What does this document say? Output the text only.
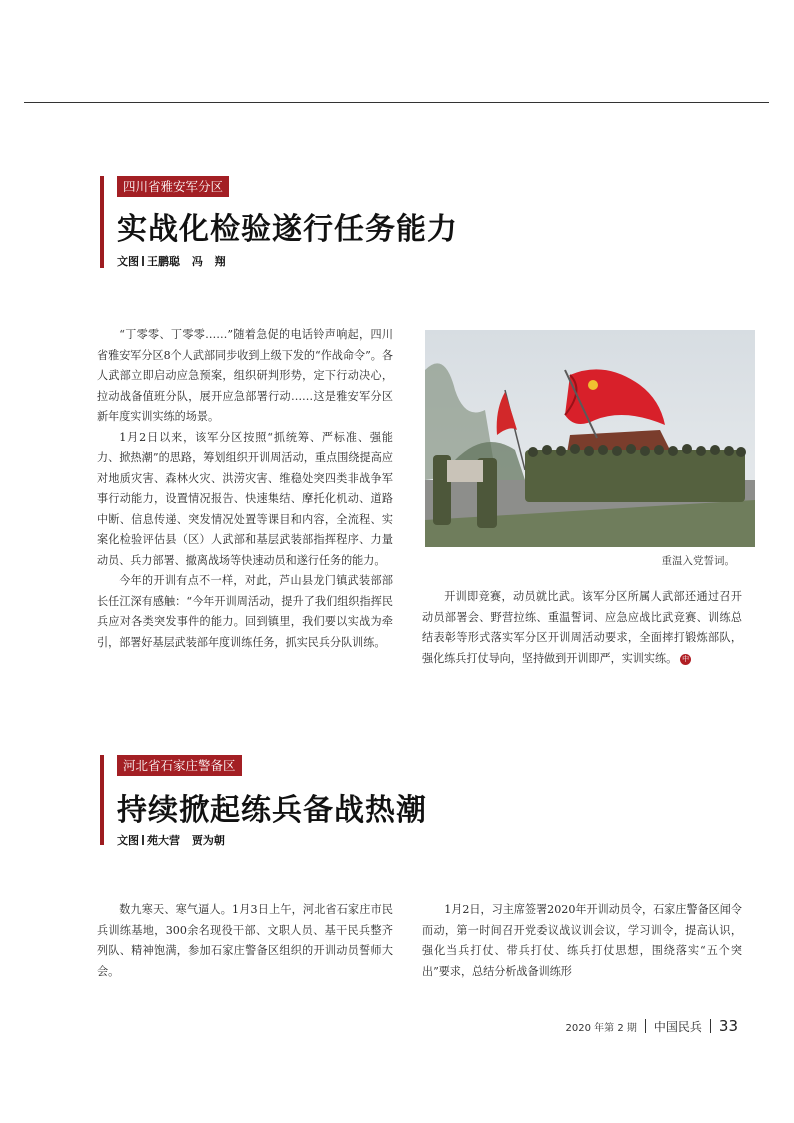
四川省雅安军分区
实战化检验遂行任务能力
文图 王鹏聪 冯 翔

“丁零零、丁零零……”随着急促的电话铃声响起，四川省雅安军分区8个人武部同步收到上级下发的“作战命令”。各人武部立即启动应急预案，组织研判形势，定下行动决心，拉动战备值班分队，展开应急部署行动……这是雅安军分区新年度实训实练的场景。

1月2日以来，该军分区按照“抓统筹、严标准、强能力、掀热潮”的思路，筹划组织开训周活动，重点围绕提高应对地质灾害、森林火灾、洪涝灾害、维稳处突四类非战争军事行动能力，设置情况报告、快速集结、摩托化机动、道路中断、信息传递、突发情况处置等课目和内容，全流程、实案化检验评估县（区）人武部和基层武装部指挥程序、力量动员、兵力部署、撤离战场等快速动员和遂行任务的能力。

今年的开训有点不一样，对此，芦山县龙门镇武装部部长任江深有感触：“今年开训周活动，提升了我们组织指挥民兵应对各类突发事件的能力。回到镇里，我们要以实战为牵引，部署好基层武装部年度训练任务，抓实民兵分队训练。

重温入党誓词。

开训即竞赛，动员就比武。该军分区所属人武部还通过召开动员部署会、野营拉练、重温誓词、应急应战比武竞赛、训练总结表彰等形式落实军分区开训周活动要求，全面摔打锻炼部队，强化练兵打仗导向，坚持做到开训即严，实训实练。 中

河北省石家庄警备区
持续掀起练兵备战热潮
文图 苑大营 贾为朝

数九寒天、寒气逼人。1月3日上午，河北省石家庄市民兵训练基地，300余名现役干部、文职人员、基干民兵整齐列队、精神饱满，参加石家庄警备区组织的开训动员誓师大会。

1月2日，习主席签署2020年开训动员令，石家庄警备区闻令而动，第一时间召开党委议战议训会议，学习训令，提高认识，强化当兵打仗、带兵打仗、练兵打仗思想，围绕落实“五个突出”要求，总结分析战备训练形

2020 年第 2 期 中国民兵 33
